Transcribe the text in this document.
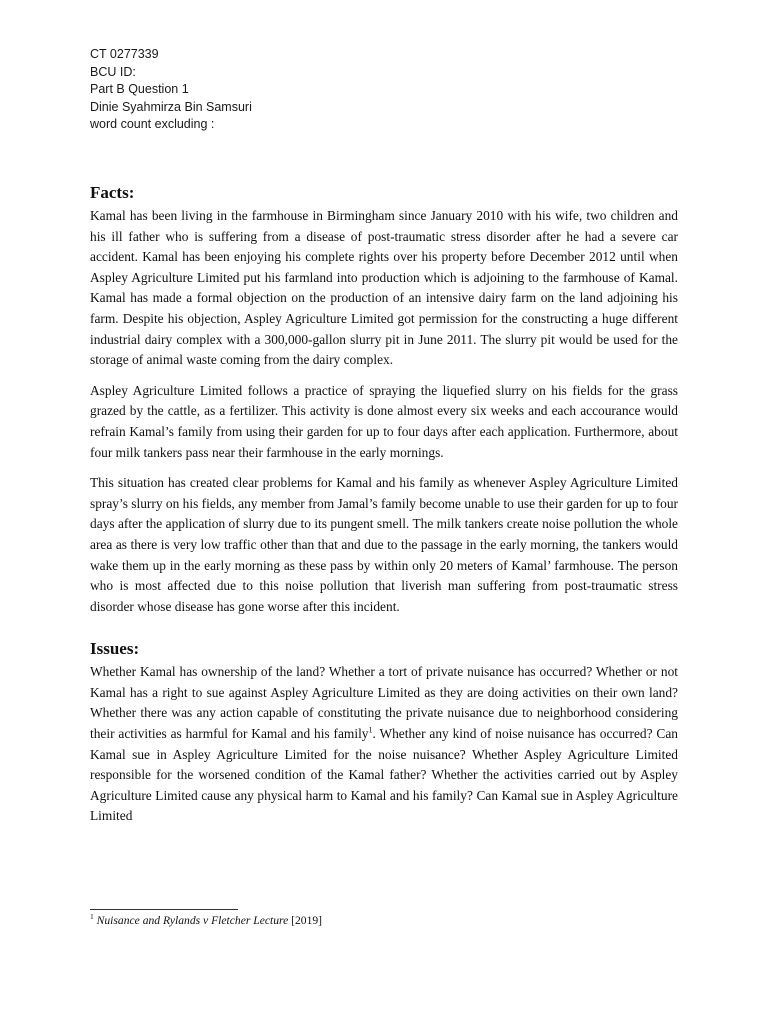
CT 0277339
BCU ID:
Part B Question 1
Dinie Syahmirza Bin Samsuri
word count excluding :
Facts:

Kamal has been living in the farmhouse in Birmingham since January 2010 with his wife, two children and his ill father who is suffering from a disease of post-traumatic stress disorder after he had a severe car accident. Kamal has been enjoying his complete rights over his property before December 2012 until when Aspley Agriculture Limited put his farmland into production which is adjoining to the farmhouse of Kamal. Kamal has made a formal objection on the production of an intensive dairy farm on the land adjoining his farm. Despite his objection, Aspley Agriculture Limited got permission for the constructing a huge different industrial dairy complex with a 300,000-gallon slurry pit in June 2011. The slurry pit would be used for the storage of animal waste coming from the dairy complex.

Aspley Agriculture Limited follows a practice of spraying the liquefied slurry on his fields for the grass grazed by the cattle, as a fertilizer. This activity is done almost every six weeks and each accourance would refrain Kamal’s family from using their garden for up to four days after each application. Furthermore, about four milk tankers pass near their farmhouse in the early mornings.

This situation has created clear problems for Kamal and his family as whenever Aspley Agriculture Limited spray’s slurry on his fields, any member from Jamal’s family become unable to use their garden for up to four days after the application of slurry due to its pungent smell. The milk tankers create noise pollution the whole area as there is very low traffic other than that and due to the passage in the early morning, the tankers would wake them up in the early morning as these pass by within only 20 meters of Kamal’ farmhouse. The person who is most affected due to this noise pollution that liverish man suffering from post-traumatic stress disorder whose disease has gone worse after this incident.

Issues:

Whether Kamal has ownership of the land? Whether a tort of private nuisance has occurred? Whether or not Kamal has a right to sue against Aspley Agriculture Limited as they are doing activities on their own land? Whether there was any action capable of constituting the private nuisance due to neighborhood considering their activities as harmful for Kamal and his family$^1$. Whether any kind of noise nuisance has occurred? Can Kamal sue in Aspley Agriculture Limited for the noise nuisance? Whether Aspley Agriculture Limited responsible for the worsened condition of the Kamal father? Whether the activities carried out by Aspley Agriculture Limited cause any physical harm to Kamal and his family? Can Kamal sue in Aspley Agriculture Limited

$^1$ Nuisance and Rylands v Fletcher Lecture [2019]
